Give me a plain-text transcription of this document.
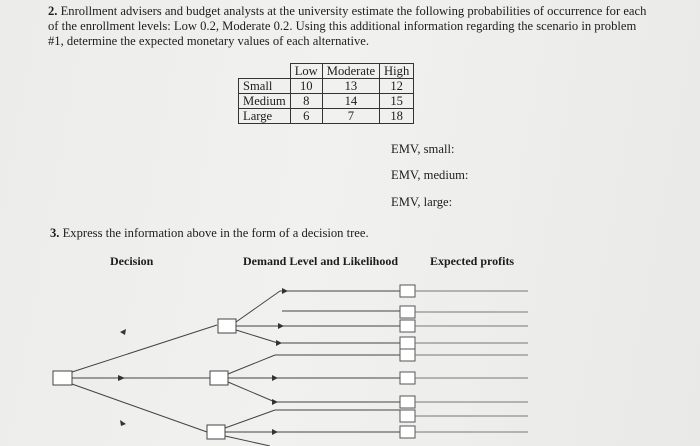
2. Enrollment advisers and budget analysts at the university estimate the following probabilities of occurrence for each of the enrollment levels: Low 0.2, Moderate 0.2. Using this additional information regarding the scenario in problem #1, determine the expected monetary values of each alternative.

	Low	Moderate	High
Small	10	13	12
Medium	8	14	15
Large	6	7	18
EMV, small:
EMV, medium:
EMV, large:
3. Express the information above in the form of a decision tree.
Decision	Demand Level and Likelihood	Expected profits
